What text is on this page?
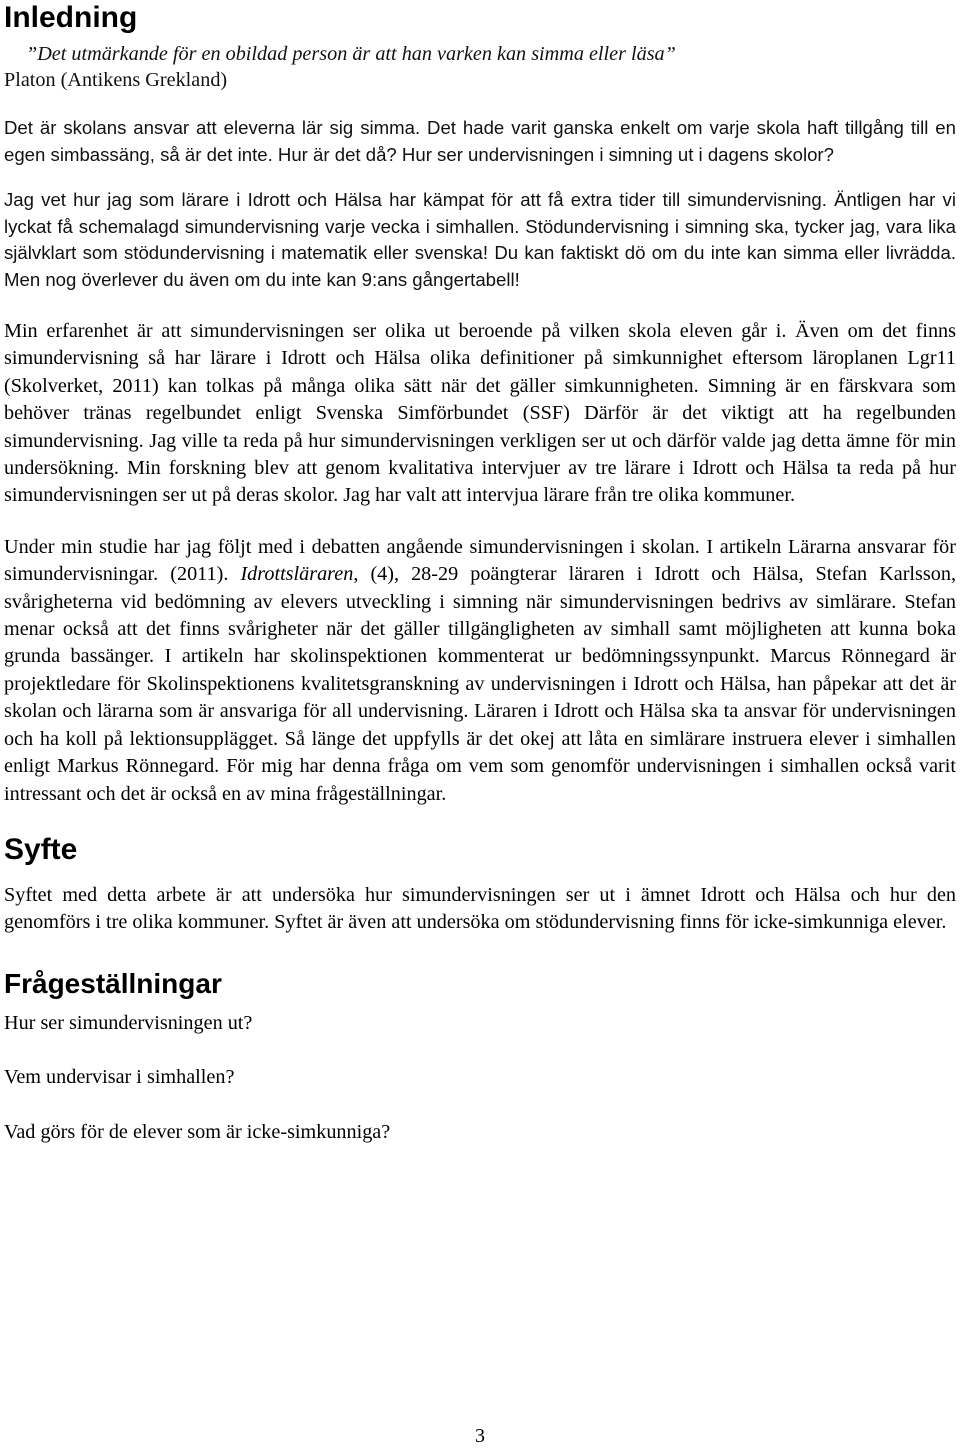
Inledning
”Det utmärkande för en obildad person är att han varken kan simma eller läsa”
Platon (Antikens Grekland)

Det är skolans ansvar att eleverna lär sig simma. Det hade varit ganska enkelt om varje skola haft tillgång till en egen simbassäng, så är det inte. Hur är det då? Hur ser undervisningen i simning ut i dagens skolor?

Jag vet hur jag som lärare i Idrott och Hälsa har kämpat för att få extra tider till simundervisning. Äntligen har vi lyckat få schemalagd simundervisning varje vecka i simhallen. Stödundervisning i simning ska, tycker jag, vara lika självklart som stödundervisning i matematik eller svenska! Du kan faktiskt dö om du inte kan simma eller livrädda. Men nog överlever du även om du inte kan 9:ans gångertabell!

Min erfarenhet är att simundervisningen ser olika ut beroende på vilken skola eleven går i. Även om det finns simundervisning så har lärare i Idrott och Hälsa olika definitioner på simkunnighet eftersom läroplanen Lgr11 (Skolverket, 2011) kan tolkas på många olika sätt när det gäller simkunnigheten. Simning är en färskvara som behöver tränas regelbundet enligt Svenska Simförbundet (SSF) Därför är det viktigt att ha regelbunden simundervisning. Jag ville ta reda på hur simundervisningen verkligen ser ut och därför valde jag detta ämne för min undersökning. Min forskning blev att genom kvalitativa intervjuer av tre lärare i Idrott och Hälsa ta reda på hur simundervisningen ser ut på deras skolor. Jag har valt att intervjua lärare från tre olika kommuner.

Under min studie har jag följt med i debatten angående simundervisningen i skolan. I artikeln Lärarna ansvarar för simundervisningar. (2011). Idrottsläraren, (4), 28-29 poängterar läraren i Idrott och Hälsa, Stefan Karlsson, svårigheterna vid bedömning av elevers utveckling i simning när simundervisningen bedrivs av simlärare. Stefan menar också att det finns svårigheter när det gäller tillgängligheten av simhall samt möjligheten att kunna boka grunda bassänger. I artikeln har skolinspektionen kommenterat ur bedömningssynpunkt. Marcus Rönnegard är projektledare för Skolinspektionens kvalitetsgranskning av undervisningen i Idrott och Hälsa, han påpekar att det är skolan och lärarna som är ansvariga för all undervisning. Läraren i Idrott och Hälsa ska ta ansvar för undervisningen och ha koll på lektionsupplägget. Så länge det uppfylls är det okej att låta en simlärare instruera elever i simhallen enligt Markus Rönnegard. För mig har denna fråga om vem som genomför undervisningen i simhallen också varit intressant och det är också en av mina frågeställningar.

Syfte

Syftet med detta arbete är att undersöka hur simundervisningen ser ut i ämnet Idrott och Hälsa och hur den genomförs i tre olika kommuner. Syftet är även att undersöka om stödundervisning finns för icke-simkunniga elever.

Frågeställningar

Hur ser simundervisningen ut?

Vem undervisar i simhallen?

Vad görs för de elever som är icke-simkunniga?

3
